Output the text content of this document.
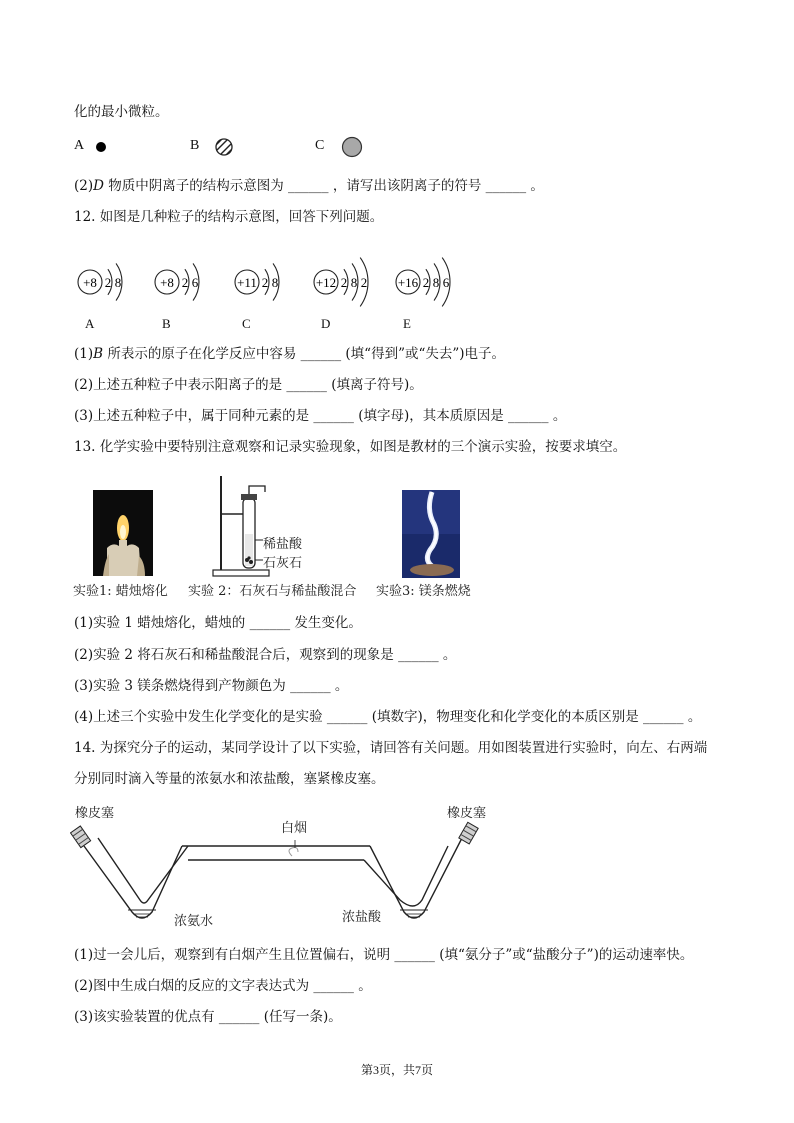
化的最小微粒。
A	B	C
(2)D 物质中阴离子的结构示意图为 ______ ，请写出该阴离子的符号 ______ 。
12. 如图是几种粒子的结构示意图，回答下列问题。
+8 2 8	+8 2 6	+11 2 8	+12 2 8 2 +16 2 8 6
A	B	C	D	E
(1)B 所表示的原子在化学反应中容易 ______ (填“得到”或“失去”)电子。
(2)上述五种粒子中表示阳离子的是 ______ (填离子符号)。
(3)上述五种粒子中，属于同种元素的是 ______ (填字母)，其本质原因是 ______ 。
13. 化学实验中要特别注意观察和记录实验现象，如图是教材的三个演示实验，按要求填空。
稀盐酸
石灰石
实验1: 蜡烛熔化 实验 2：石灰石与稀盐酸混合 实验3: 镁条燃烧
(1)实验 1 蜡烛熔化，蜡烛的 ______ 发生变化。
(2)实验 2 将石灰石和稀盐酸混合后，观察到的现象是 ______ 。
(3)实验 3 镁条燃烧得到产物颜色为 ______ 。
(4)上述三个实验中发生化学变化的是实验 ______ (填数字)，物理变化和化学变化的本质区别是 ______ 。
14. 为探究分子的运动，某同学设计了以下实验，请回答有关问题。用如图装置进行实验时，向左、右两端
分别同时滴入等量的浓氨水和浓盐酸，塞紧橡皮塞。
橡皮塞	橡皮塞
白烟
浓氨水	浓盐酸
(1)过一会儿后，观察到有白烟产生且位置偏右，说明 ______ (填“氨分子”或“盐酸分子”)的运动速率快。
(2)图中生成白烟的反应的文字表达式为 ______ 。
(3)该实验装置的优点有 ______ (任写一条)。
第3页，共7页
